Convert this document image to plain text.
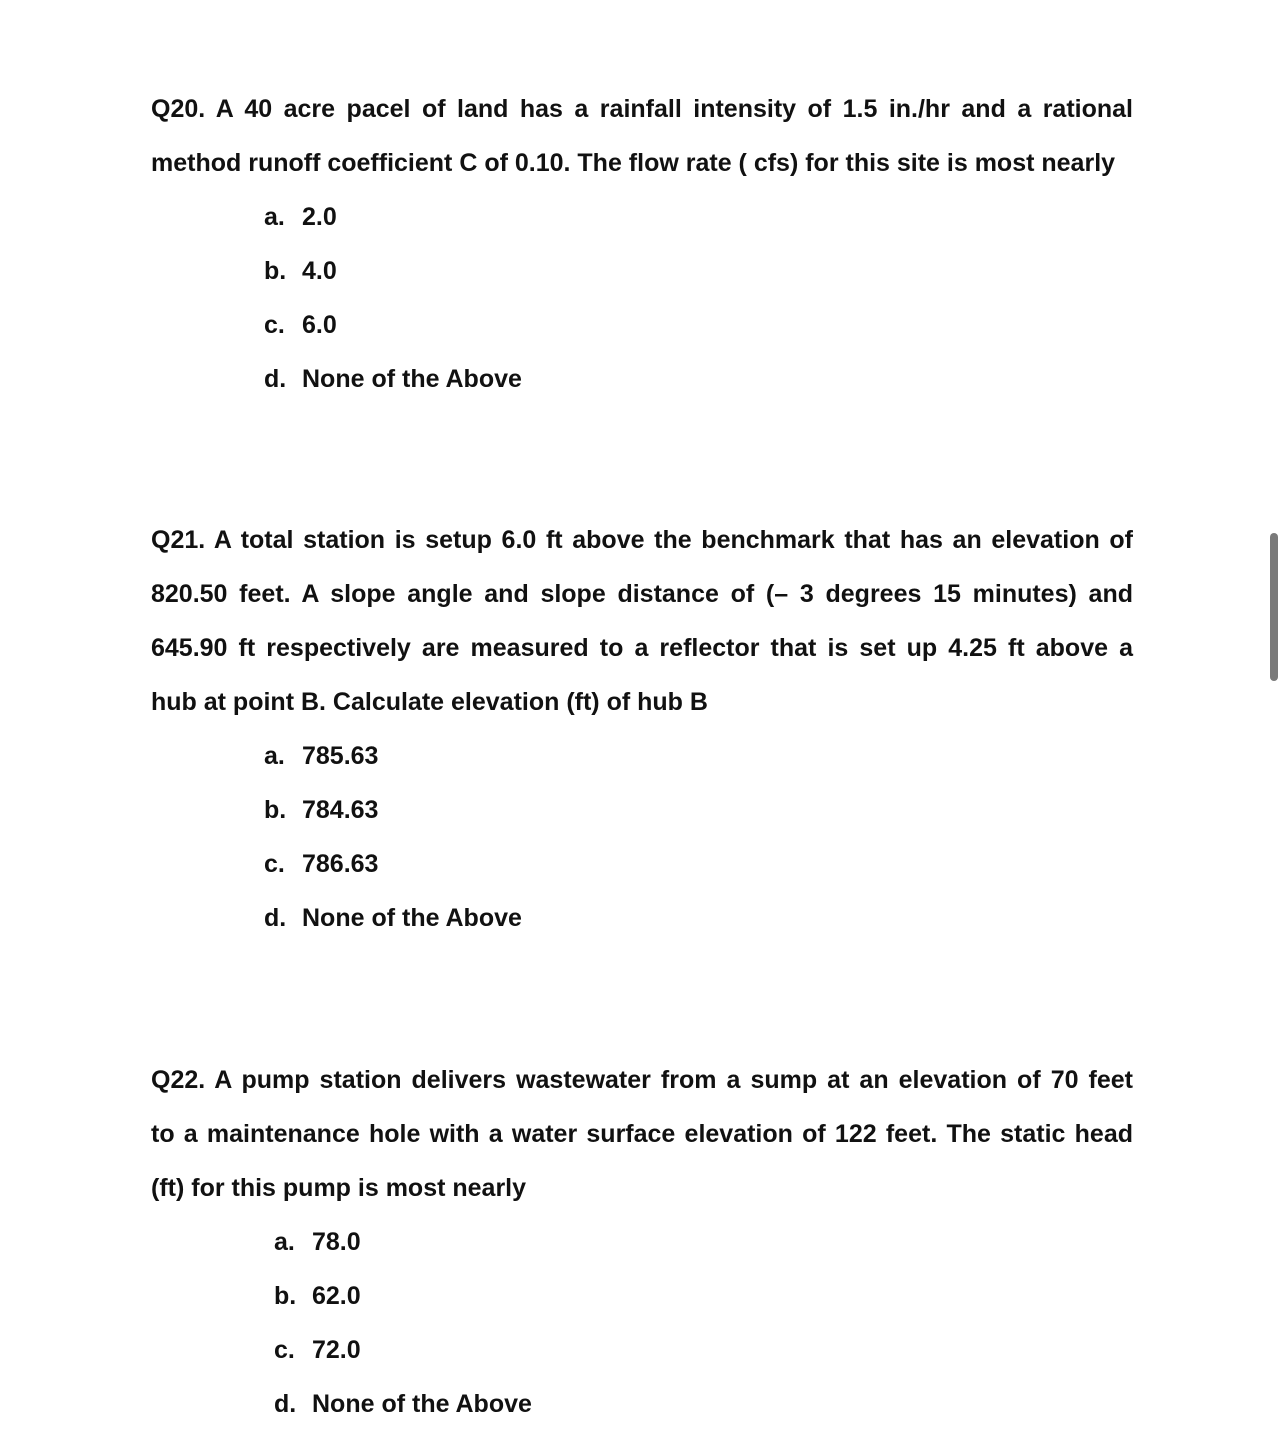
Q20. A 40 acre pacel of land has a rainfall intensity of 1.5 in./hr and a rational
method runoff coefficient C of 0.10. The flow rate ( cfs) for this site is most nearly
a. 2.0
b. 4.0
c. 6.0
d. None of the Above
Q21. A total station is setup 6.0 ft above the benchmark that has an elevation of
820.50 feet. A slope angle and slope distance of (– 3 degrees 15 minutes) and
645.90 ft respectively are measured to a reflector that is set up 4.25 ft above a
hub at point B. Calculate elevation (ft) of hub B
a. 785.63
b. 784.63
c. 786.63
d. None of the Above
Q22. A pump station delivers wastewater from a sump at an elevation of 70 feet
to a maintenance hole with a water surface elevation of 122 feet. The static head
(ft) for this pump is most nearly
a. 78.0
b. 62.0
c. 72.0
d. None of the Above
